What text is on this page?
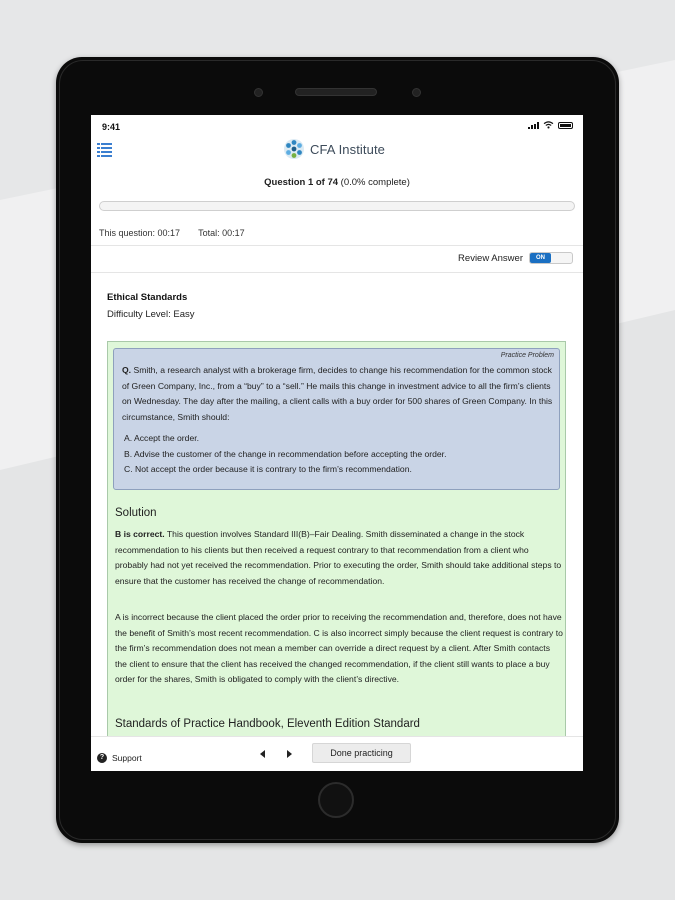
9:41
CFA Institute
Question 1 of 74 (0.0% complete)
This question: 00:17 Total: 00:17
Review Answer	ON
Ethical Standards
Difficulty Level: Easy
Practice Problem

Q. Smith, a research analyst with a brokerage firm, decides to change his recommendation for the common stock of Green Company, Inc., from a “buy” to a “sell.” He mails this change in investment advice to all the firm’s clients on Wednesday. The day after the mailing, a client calls with a buy order for 500 shares of Green Company. In this circumstance, Smith should:

A. Accept the order.
B. Advise the customer of the change in recommendation before accepting the order.
C. Not accept the order because it is contrary to the firm’s recommendation.
Solution

B is correct. This question involves Standard III(B)–Fair Dealing. Smith disseminated a change in the stock recommendation to his clients but then received a request contrary to that recommendation from a client who probably had not yet received the recommendation. Prior to executing the order, Smith should take additional steps to ensure that the customer has received the change of recommendation.

A is incorrect because the client placed the order prior to receiving the recommendation and, therefore, does not have the benefit of Smith’s most recent recommendation. C is also incorrect simply because the client request is contrary to the firm’s recommendation does not mean a member can override a direct request by a client. After Smith contacts the client to ensure that the client has received the changed recommendation, if the client still wants to place a buy order for the shares, Smith is obligated to comply with the client’s directive.

Standards of Practice Handbook, Eleventh Edition Standard
? Support	Done practicing
